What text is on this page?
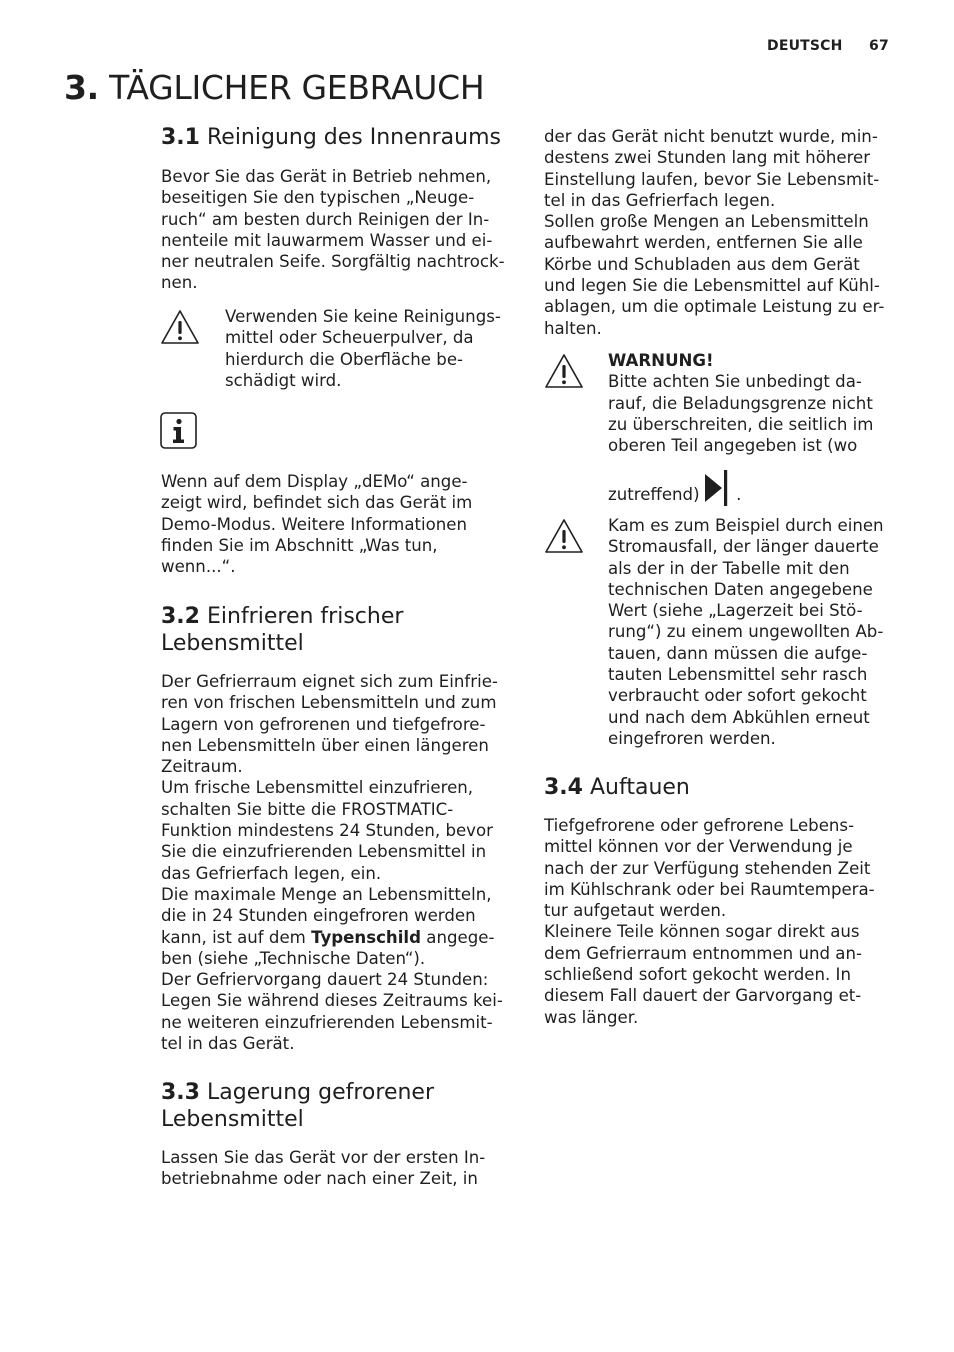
DEUTSCH 67
3. TÄGLICHER GEBRAUCH
3.1 Reinigung des Innenraums

Bevor Sie das Gerät in Betrieb nehmen,

beseitigen Sie den typischen „Neuge-

ruch“ am besten durch Reinigen der In-

nenteile mit lauwarmem Wasser und ei-

ner neutralen Seife. Sorgfältig nachtrock-

nen.

Verwenden Sie keine Reinigungs-
mittel oder Scheuerpulver, da
hierdurch die Oberfläche be-
schädigt wird.

Wenn auf dem Display „dEMo“ ange-

zeigt wird, befindet sich das Gerät im

Demo-Modus. Weitere Informationen

finden Sie im Abschnitt „Was tun,

wenn...“.

3.2 Einfrieren frischer
Lebensmittel

Der Gefrierraum eignet sich zum Einfrie-

ren von frischen Lebensmitteln und zum

Lagern von gefrorenen und tiefgefrore-

nen Lebensmitteln über einen längeren

Zeitraum.

Um frische Lebensmittel einzufrieren,

schalten Sie bitte die FROSTMATIC-

Funktion mindestens 24 Stunden, bevor

Sie die einzufrierenden Lebensmittel in

das Gefrierfach legen, ein.

Die maximale Menge an Lebensmitteln,

die in 24 Stunden eingefroren werden

kann, ist auf dem Typenschild angege-

ben (siehe „Technische Daten“).

Der Gefriervorgang dauert 24 Stunden:

Legen Sie während dieses Zeitraums kei-

ne weiteren einzufrierenden Lebensmit-

tel in das Gerät.

3.3 Lagerung gefrorener
Lebensmittel

Lassen Sie das Gerät vor der ersten In-

betriebnahme oder nach einer Zeit, in

der das Gerät nicht benutzt wurde, min-

destens zwei Stunden lang mit höherer

Einstellung laufen, bevor Sie Lebensmit-

tel in das Gefrierfach legen.

Sollen große Mengen an Lebensmitteln

aufbewahrt werden, entfernen Sie alle

Körbe und Schubladen aus dem Gerät

und legen Sie die Lebensmittel auf Kühl-

ablagen, um die optimale Leistung zu er-

halten.

WARNUNG!
Bitte achten Sie unbedingt da-
rauf, die Beladungsgrenze nicht
zu überschreiten, die seitlich im
oberen Teil angegeben ist (wo
zutreffend) .
Kam es zum Beispiel durch einen
Stromausfall, der länger dauerte
als der in der Tabelle mit den
technischen Daten angegebene
Wert (siehe „Lagerzeit bei Stö-
rung“) zu einem ungewollten Ab-
tauen, dann müssen die aufge-
tauten Lebensmittel sehr rasch
verbraucht oder sofort gekocht
und nach dem Abkühlen erneut
eingefroren werden.
3.4 Auftauen

Tiefgefrorene oder gefrorene Lebens-

mittel können vor der Verwendung je

nach der zur Verfügung stehenden Zeit

im Kühlschrank oder bei Raumtempera-

tur aufgetaut werden.

Kleinere Teile können sogar direkt aus

dem Gefrierraum entnommen und an-

schließend sofort gekocht werden. In

diesem Fall dauert der Garvorgang et-

was länger.
